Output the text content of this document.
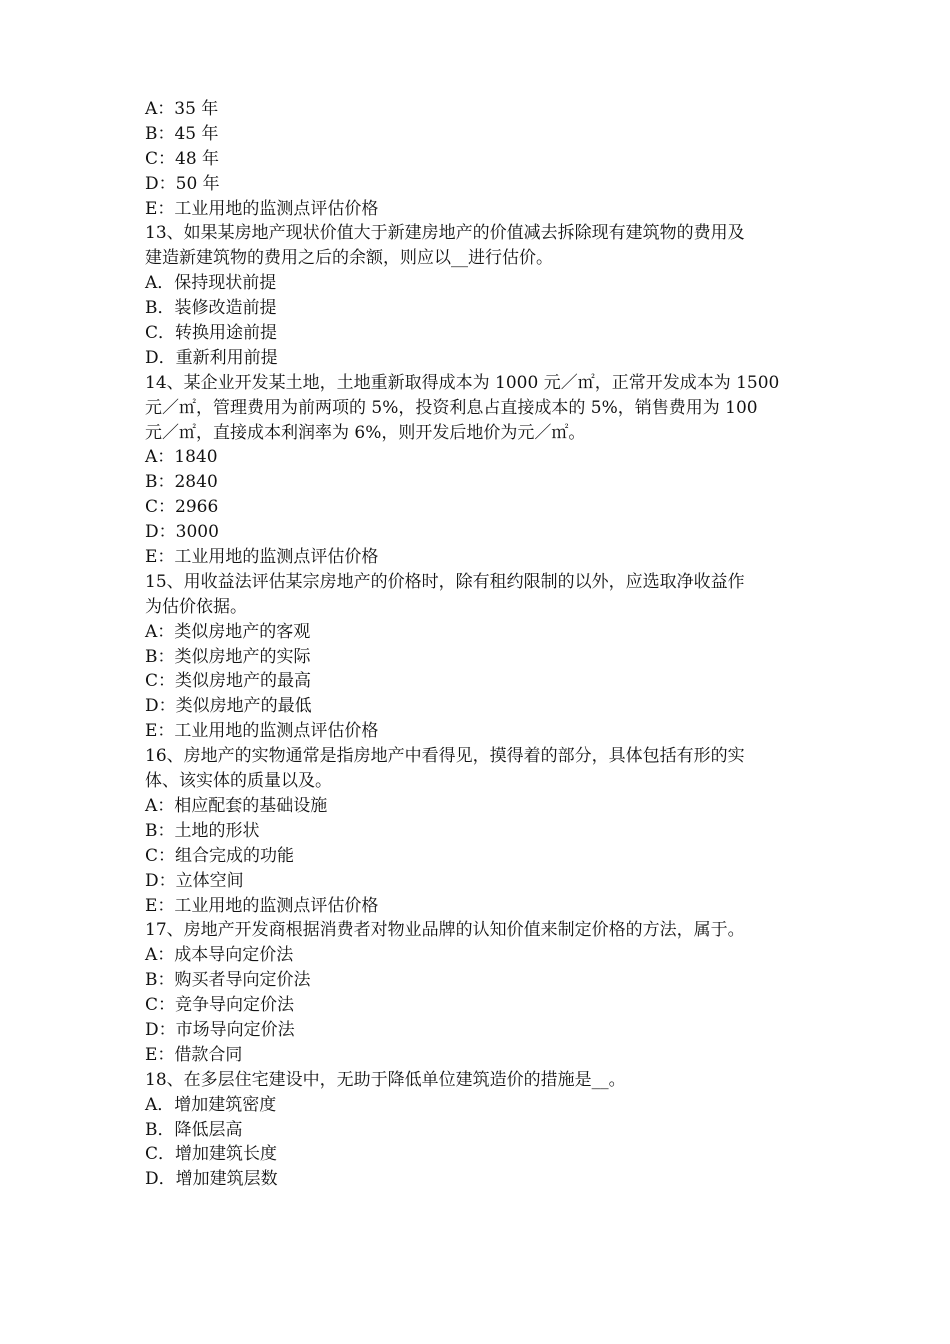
A：35 年
B：45 年
C：48 年
D：50 年
E：工业用地的监测点评估价格
13、如果某房地产现状价值大于新建房地产的价值减去拆除现有建筑物的费用及
建造新建筑物的费用之后的余额，则应以__进行估价。
A．保持现状前提
B．装修改造前提
C．转换用途前提
D．重新利用前提
14、某企业开发某土地，土地重新取得成本为 1000 元／㎡，正常开发成本为 1500
元／㎡，管理费用为前两项的 5%，投资利息占直接成本的 5%，销售费用为 100
元／㎡，直接成本利润率为 6%，则开发后地价为元／㎡。
A：1840
B：2840
C：2966
D：3000
E：工业用地的监测点评估价格
15、用收益法评估某宗房地产的价格时，除有租约限制的以外，应选取净收益作
为估价依据。
A：类似房地产的客观
B：类似房地产的实际
C：类似房地产的最高
D：类似房地产的最低
E：工业用地的监测点评估价格
16、房地产的实物通常是指房地产中看得见，摸得着的部分，具体包括有形的实
体、该实体的质量以及。
A：相应配套的基础设施
B：土地的形状
C：组合完成的功能
D：立体空间
E：工业用地的监测点评估价格
17、房地产开发商根据消费者对物业品牌的认知价值来制定价格的方法，属于。
A：成本导向定价法
B：购买者导向定价法
C：竞争导向定价法
D：市场导向定价法
E：借款合同
18、在多层住宅建设中，无助于降低单位建筑造价的措施是__。
A．增加建筑密度
B．降低层高
C．增加建筑长度
D．增加建筑层数
